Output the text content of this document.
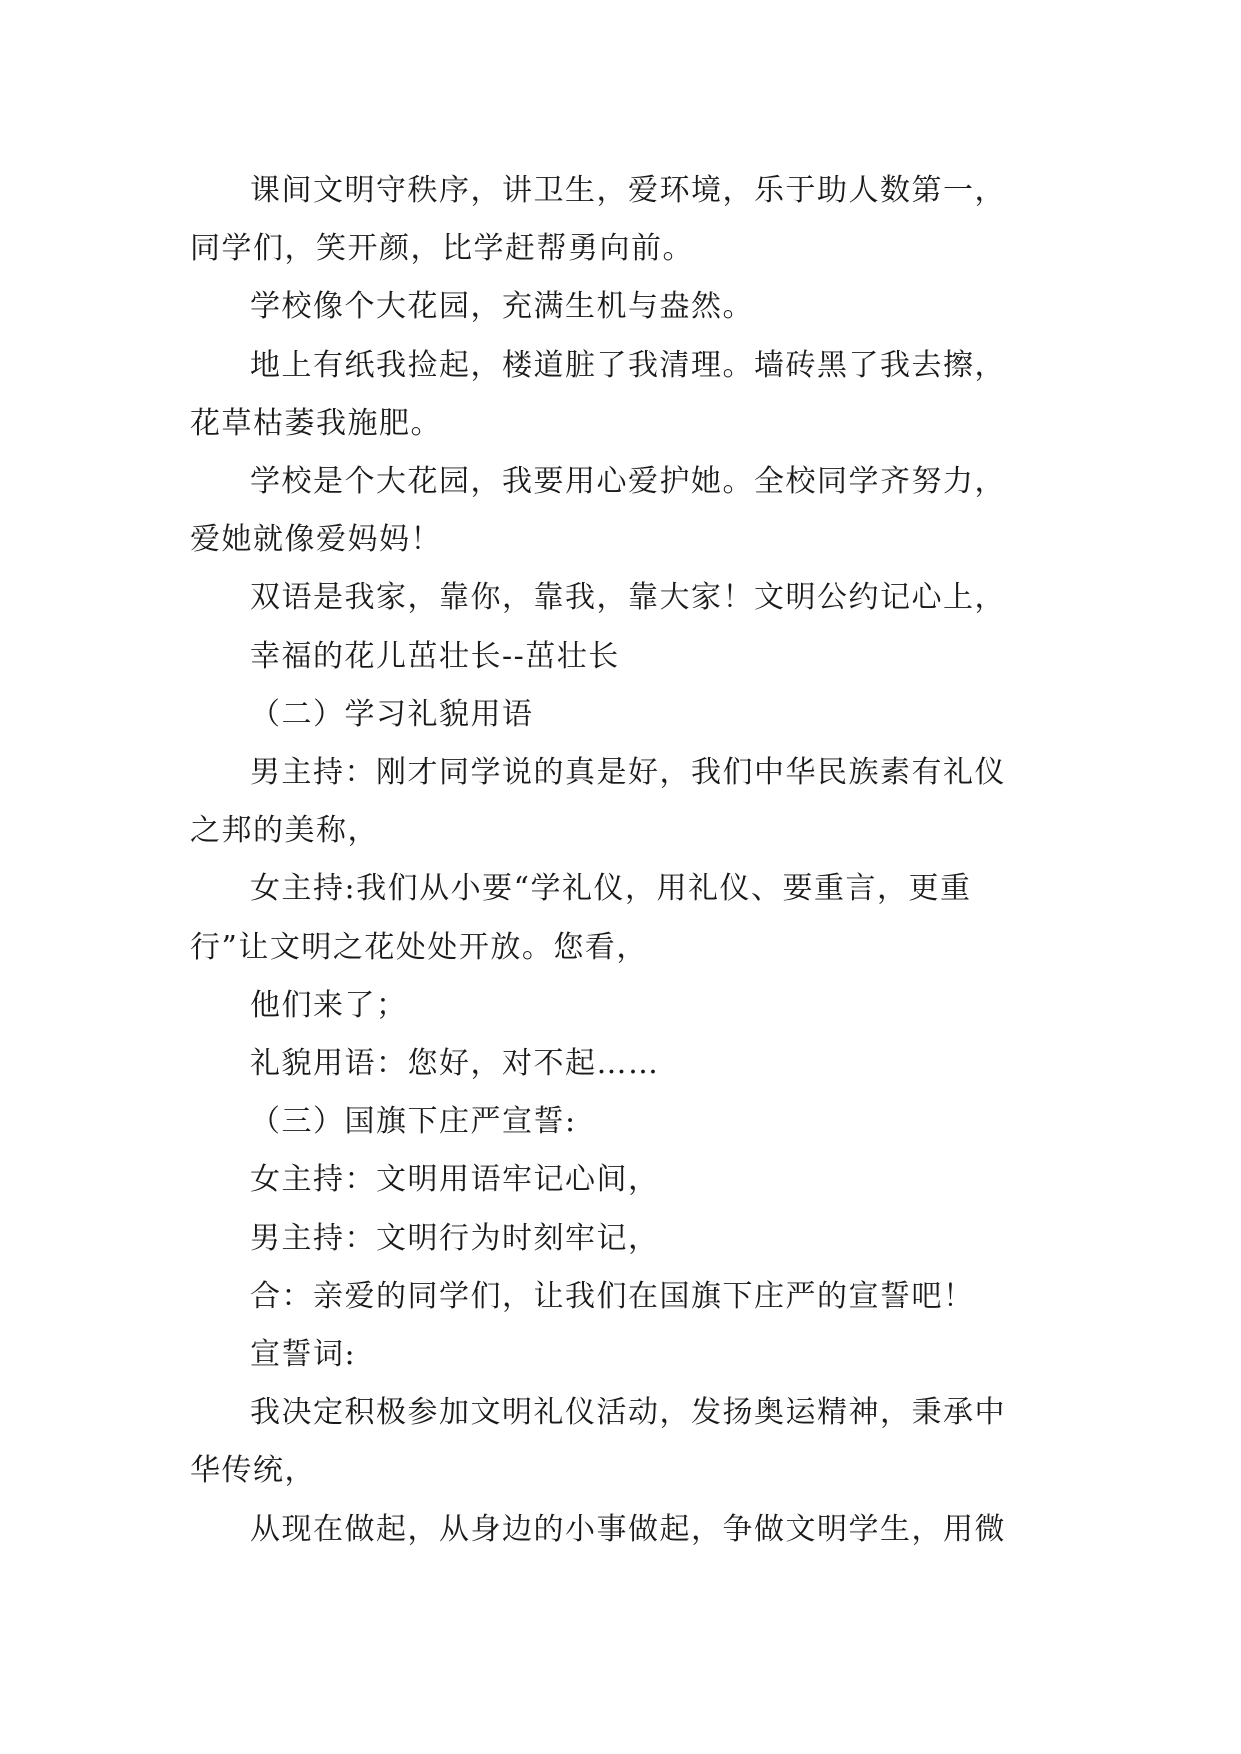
课间文明守秩序，讲卫生，爱环境，乐于助人数第一，
同学们，笑开颜，比学赶帮勇向前。
学校像个大花园，充满生机与盎然。
地上有纸我捡起，楼道脏了我清理。墙砖黑了我去擦，
花草枯萎我施肥。
学校是个大花园，我要用心爱护她。全校同学齐努力，
爱她就像爱妈妈！
双语是我家，靠你，靠我，靠大家！文明公约记心上，
幸福的花儿茁壮长--茁壮长
（二）学习礼貌用语
男主持：刚才同学说的真是好，我们中华民族素有礼仪
之邦的美称，
女主持:我们从小要“学礼仪，用礼仪、要重言，更重
行”让文明之花处处开放。您看，
他们来了；
礼貌用语：您好，对不起……
（三）国旗下庄严宣誓:
女主持：文明用语牢记心间，
男主持：文明行为时刻牢记，
合：亲爱的同学们，让我们在国旗下庄严的宣誓吧！
宣誓词:
我决定积极参加文明礼仪活动，发扬奥运精神，秉承中
华传统，
从现在做起，从身边的小事做起，争做文明学生，用微
